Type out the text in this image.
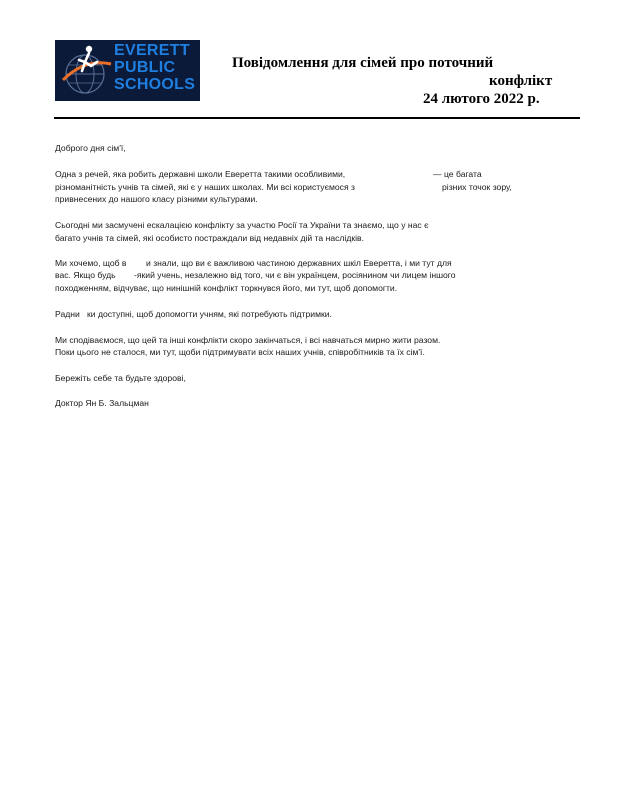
EVERETT
PUBLIC
SCHOOLS
Повідомлення для сімей про поточний
конфлікт
24 лютого 2022 р.
Доброго дня сім'ї,
Одна з речей, яка робить державні школи Еверетта такими особливими,	— це багата
різноманітність учнів та сімей, які є у наших школах. Ми всі користуємося з	різних точок зору,
привнесених до нашого класу різними культурами.
Сьогодні ми засмучені ескалацією конфлікту за участю Росії та України та знаємо, що у нас є
багато учнів та сімей, які особисто постраждали від недавніх дій та наслідків.
Ми хочемо, щоб в и знали, що ви є важливою частиною державних шкіл Еверетта, і ми тут для
вас. Якщо будь -який учень, незалежно від того, чи є він українцем, росіянином чи лицем іншого
походженням, відчуває, що нинішній конфлікт торкнувся його, ми тут, щоб допомогти.
Радни ки доступні, щоб допомогти учням, які потребують підтримки.
Ми сподіваємося, що цей та інші конфлікти скоро закінчаться, і всі навчаться мирно жити разом.
Поки цього не сталося, ми тут, щоби підтримувати всіх наших учнів, співробітників та їх сім'ї.
Бережіть себе та будьте здорові,
Доктор Ян Б. Зальцман
